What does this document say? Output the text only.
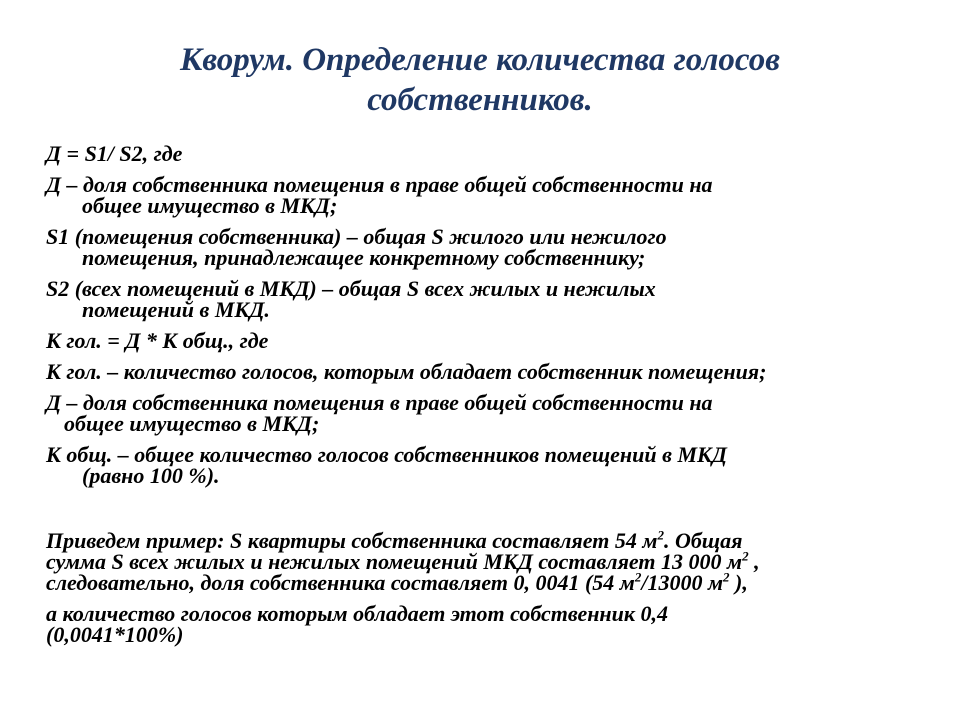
Кворум. Определение количества голосов
собственников.
Д = S1/ S2, где
Д – доля собственника помещения в праве общей собственности на
общее имущество в МКД;
S1 (помещения собственника) – общая S жилого или нежилого
помещения, принадлежащее конкретному собственнику;
S2 (всех помещений в МКД) – общая S всех жилых и нежилых
помещений в МКД.
К гол. = Д * К общ., где
К гол. – количество голосов, которым обладает собственник помещения;
Д – доля собственника помещения в праве общей собственности на
общее имущество в МКД;
К общ. – общее количество голосов собственников помещений в МКД
(равно 100 %).
Приведем пример: S квартиры собственника составляет 54 $м^2$. Общая
сумма S всех жилых и нежилых помещений МКД составляет 13 000 $м^2$ ,
следовательно, доля собственника составляет 0, 0041 (54 $м^2/13000$ $м^2$ ),
а количество голосов которым обладает этот собственник 0,4
(0,0041*100%)
